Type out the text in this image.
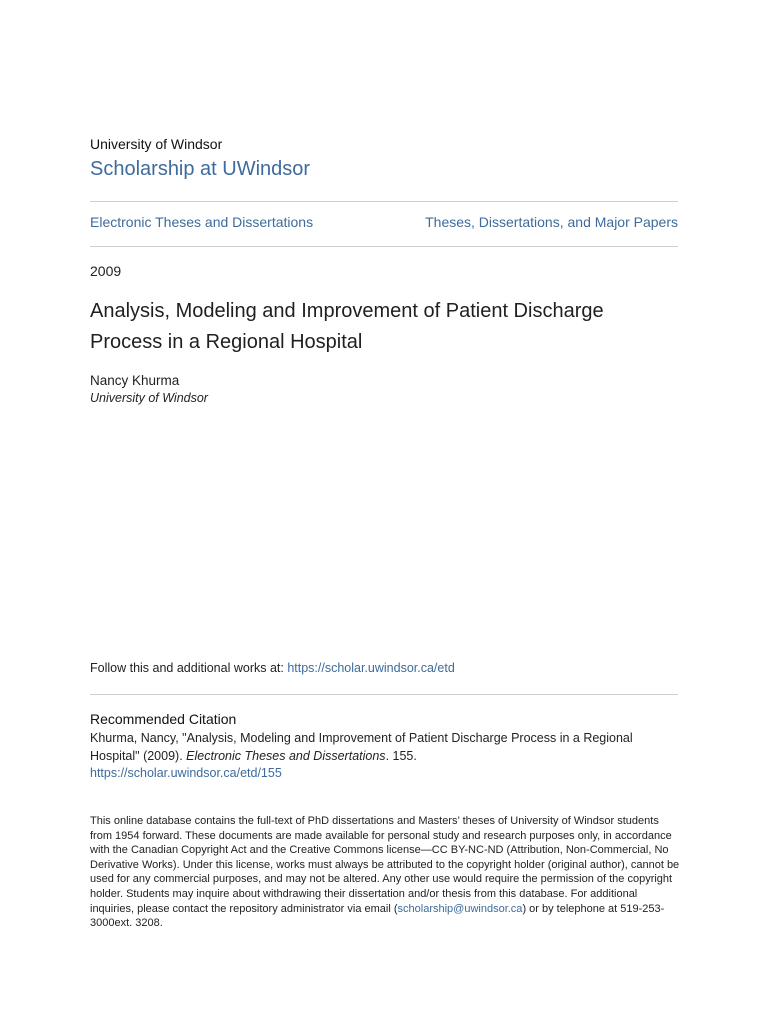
University of Windsor
Scholarship at UWindsor
Electronic Theses and Dissertations	Theses, Dissertations, and Major Papers
2009
Analysis, Modeling and Improvement of Patient Discharge
Process in a Regional Hospital
Nancy Khurma
University of Windsor
Follow this and additional works at: https://scholar.uwindsor.ca/etd
Recommended Citation
Khurma, Nancy, "Analysis, Modeling and Improvement of Patient Discharge Process in a Regional Hospital" (2009). Electronic Theses and Dissertations. 155.
https://scholar.uwindsor.ca/etd/155
This online database contains the full-text of PhD dissertations and Masters’ theses of University of Windsor students from 1954 forward. These documents are made available for personal study and research purposes only, in accordance with the Canadian Copyright Act and the Creative Commons license—CC BY-NC-ND (Attribution, Non-Commercial, No Derivative Works). Under this license, works must always be attributed to the copyright holder (original author), cannot be used for any commercial purposes, and may not be altered. Any other use would require the permission of the copyright holder. Students may inquire about withdrawing their dissertation and/or thesis from this database. For additional inquiries, please contact the repository administrator via email (scholarship@uwindsor.ca) or by telephone at 519-253-3000ext. 3208.
